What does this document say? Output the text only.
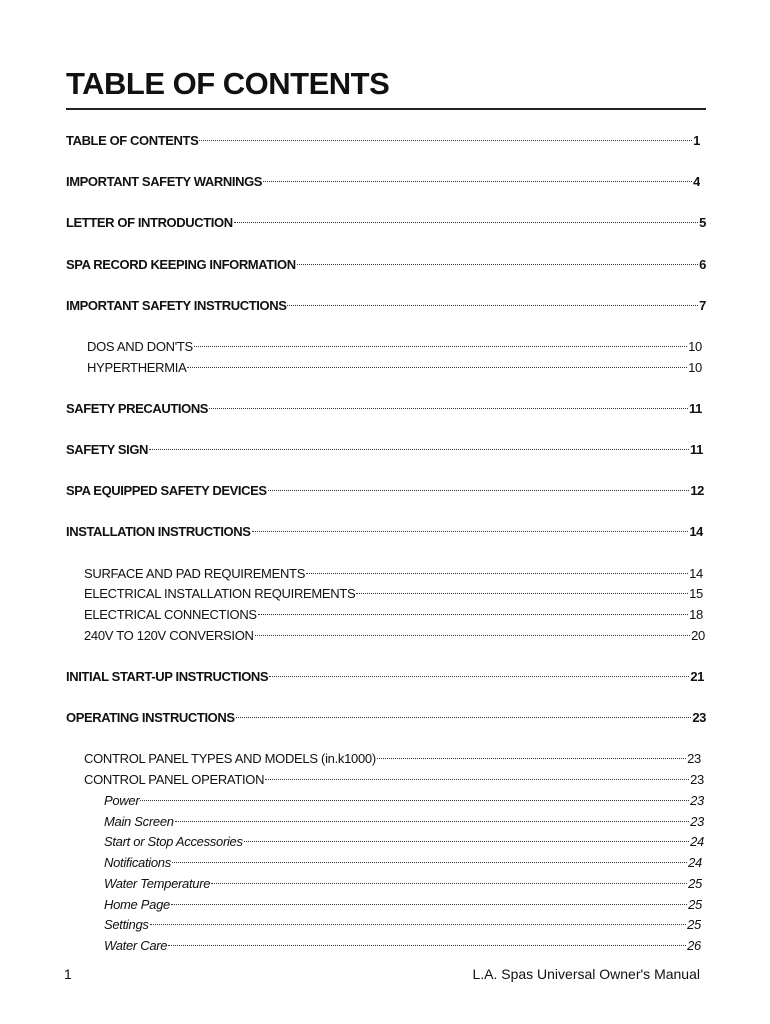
TABLE OF CONTENTS
TABLE OF CONTENTS	1
IMPORTANT SAFETY WARNINGS	4
LETTER OF INTRODUCTION	5
SPA RECORD KEEPING INFORMATION	6
IMPORTANT SAFETY INSTRUCTIONS	7
DOS AND DON'TS	10
HYPERTHERMIA	10
SAFETY PRECAUTIONS	11
SAFETY SIGN	11
SPA EQUIPPED SAFETY DEVICES	12
INSTALLATION INSTRUCTIONS	14
SURFACE AND PAD REQUIREMENTS	14
ELECTRICAL INSTALLATION REQUIREMENTS	15
ELECTRICAL CONNECTIONS	18
240V TO 120V CONVERSION	20
INITIAL START-UP INSTRUCTIONS	21
OPERATING INSTRUCTIONS	23
CONTROL PANEL TYPES AND MODELS (in.k1000)	23
CONTROL PANEL OPERATION	23
Power	23
Main Screen	23
Start or Stop Accessories	24
Notifications	24
Water Temperature	25
Home Page	25
Settings	25
Water Care	26
1	L.A. Spas Universal Owner's Manual
